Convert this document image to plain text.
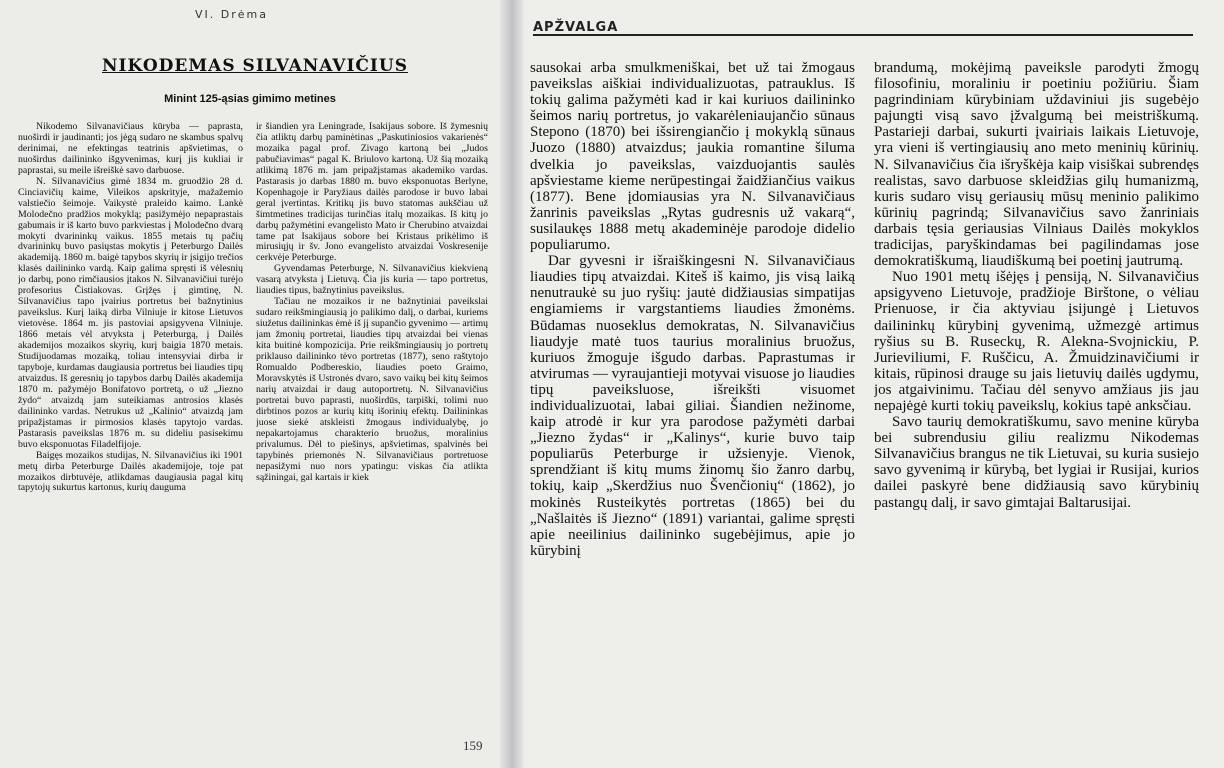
VI. Drėma
APŽVALGA
NIKODEMAS SILVANAVIČIUS
Minint 125-ąsias gimimo metines

Nikodemo Silvanavičiaus kūryba — paprasta, nuoširdi ir jaudinanti; jos jėgą sudaro ne skambus spalvų derinimai, ne efektingas teatrinis apšvietimas, o nuoširdus dailininko išgyvenimas, kurį jis kukliai ir paprastai, su meile išreiškė savo darbuose.

N. Silvanavičius gimė 1834 m. gruodžio 28 d. Cinciavičių kaime, Vileikos apskrityje, mažažemio valstiečio šeimoje. Vaikystė praleido kaimo. Lankė Molodečno pradžios mokyklą; pasižymėjo nepaprastais gabumais ir iš karto buvo parkviestas į Molodečno dvarą mokyti dvarininkų vaikus. 1855 metais tų pačių dvarininkų buvo pasiųstas mokytis į Peterburgo Dailės akademiją. 1860 m. baigė tapybos skyrių ir įsigijo trečios klasės dailininko vardą. Kaip galima spręsti iš vėlesnių jo darbų, pono rimčiausios įtakos N. Silvanavičiui turėjo profesorius Čistiakovas. Grįžęs į gimtinę, N. Silvanavičius tapo įvairius portretus bei bažnytinius paveikslus. Kurį laiką dirba Vilniuje ir kitose Lietuvos vietovėse. 1864 m. jis pastoviai apsigyvena Vilniuje. 1866 metais vėl atvyksta į Peterburgą, į Dailės akademijos mozaikos skyrių, kurį baigia 1870 metais. Studijuodamas mozaiką, toliau intensyviai dirba ir tapyboje, kurdamas daugiausia portretus bei liaudies tipų atvaizdus. Iš geresnių jo tapybos darbų Dailės akademija 1870 m. pažymėjo Bonifatovo portretą, o už „Jiezno žydo“ atvaizdą jam suteikiamas antrosios klasės dailininko vardas. Netrukus už „Kalinio“ atvaizdą jam pripažįstamas ir pirmosios klasės tapytojo vardas. Pastarasis paveikslas 1876 m. su dideliu pasisekimu buvo eksponuotas Filadelfijoje.

Baigęs mozaikos studijas, N. Silvanavičius iki 1901 metų dirba Peterburge Dailės akademijoje, toje pat mozaikos dirbtuvėje, atlikdamas daugiausia pagal kitų tapytojų sukurtus kartonus, kurių dauguma

ir šiandien yra Leningrade, Isakijaus sobore. Iš žymesnių čia atliktų darbų paminėtinas „Paskutiniosios vakarienės“ mozaika pagal prof. Zivago kartoną bei „Judos pabučiavimas“ pagal K. Briulovo kartoną. Už šią mozaiką atlikimą 1876 m. jam pripažįstamas akademiko vardas. Pastarasis jo darbas 1880 m. buvo eksponuotas Berlyne, Kopenhagoje ir Paryžiaus dailės parodose ir buvo labai geral įvertintas. Kritikų jis buvo statomas aukščiau už šimtmetines tradicijas turinčias italų mozaikas. Iš kitų jo darbų pažymėtini evangelisto Mato ir Cherubino atvaizdai tame pat Isakijaus sobore bei Kristaus prikėlimo iš mirusiųjų ir šv. Jono evangelisto atvaizdai Voskresenije cerkvėje Peterburge.

Gyvendamas Peterburge, N. Silvanavičius kiekvieną vasarą atvyksta į Lietuvą. Čia jis kuria — tapo portretus, liaudies tipus, bažnytinius paveikslus.

Tačiau ne mozaikos ir ne bažnytiniai paveikslai sudaro reikšmingiausią jo palikimo dalį, o darbai, kuriems siužetus dailininkas ėmė iš jį supančio gyvenimo — artimų jam žmonių portretai, liaudies tipų atvaizdai bei vienas kita buitinė kompozicija. Prie reikšmingiausių jo portretų priklauso dailininko tėvo portretas (1877), seno raštytojo Romualdo Podbereskio, liaudies poeto Graimo, Moravskytės iš Ustronės dvaro, savo vaikų bei kitų šeimos narių atvaizdai ir daug autoportretų. N. Silvanavičius portretai buvo paprasti, nuoširdūs, tarpiški, tolimi nuo dirbtinos pozos ar kurių kitų išorinių efektų. Dailininkas juose siekė atskleisti žmogaus individualybę, jo nepakartojamus charakterio bruožus, moralinius privalumus. Dėl to piešinys, apšvietimas, spalvinės bei tapybinės priemonės N. Silvanavičiaus portretuose nepasižymi nuo nors ypatingu: viskas čia atlikta sąžiningai, gal kartais ir kiek

sausokai arba smulkmeniškai, bet už tai žmogaus paveikslas aiškiai individualizuotas, patrauklus. Iš tokių galima pažymėti kad ir kai kuriuos dailininko šeimos narių portretus, jo vakarėleniaujančio sūnaus Stepono (1870) bei išsirengiančio į mokyklą sūnaus Juozo (1880) atvaizdus; jaukia romantine šiluma dvelkia jo paveikslas, vaizduojantis saulės apšviestame kieme nerūpestingai žaidžiančius vaikus (1877). Bene įdomiausias yra N. Silvanavičiaus žanrinis paveikslas „Rytas gudresnis už vakarą“, susilaukęs 1888 metų akademinėje parodoje didelio populiarumo.

Dar gyvesni ir išraiškingesni N. Silvanavičiaus liaudies tipų atvaizdai. Kiteš iš kaimo, jis visą laiką nenutraukė su juo ryšių: jautė didžiausias simpatijas engiamiems ir vargstantiems liaudies žmonėms. Būdamas nuoseklus demokratas, N. Silvanavičius liaudyje matė tuos taurius moralinius bruožus, kuriuos žmoguje išgudo darbas. Paprastumas ir atvirumas — vyraujantieji motyvai visuose jo liaudies tipų paveiksluose, išreikšti visuomet individualizuotai, labai giliai. Šiandien nežinome, kaip atrodė ir kur yra parodose pažymėti darbai „Jiezno žydas“ ir „Kalinys“, kurie buvo taip populiarūs Peterburge ir užsienyje. Vienok, sprendžiant iš kitų mums žinomų šio žanro darbų, tokių, kaip „Skerdžius nuo Švenčionių“ (1862), jo mokinės Rusteikytės portretas (1865) bei du „Našlaitės iš Jiezno“ (1891) variantai, galime spręsti apie neeilinius dailininko sugebėjimus, apie jo kūrybinį

brandumą, mokėjimą paveiksle parodyti žmogų filosofiniu, moraliniu ir poetiniu požiūriu. Šiam pagrindiniam kūrybiniam uždaviniui jis sugebėjo pajungti visą savo įžvalgumą bei meistriškumą. Pastarieji darbai, sukurti įvairiais laikais Lietuvoje, yra vieni iš vertingiausių ano meto meninių kūrinių. N. Silvanavičius čia išryškėja kaip visiškai subrendęs realistas, savo darbuose skleidžias gilų humanizmą, kuris sudaro visų geriausių mūsų meninio palikimo kūrinių pagrindą; Silvanavičius savo žanriniais darbais tęsia geriausias Vilniaus Dailės mokyklos tradicijas, paryškindamas bei pagilindamas jose demokratiškumą, liaudiškumą bei poetinį jautrumą.

Nuo 1901 metų išėjęs į pensiją, N. Silvanavičius apsigyveno Lietuvoje, pradžioje Birštone, o vėliau Prienuose, ir čia aktyviau įsijungė į Lietuvos dailininkų kūrybinį gyvenimą, užmezgė artimus ryšius su B. Ruseckų, R. Alekna-Svojnickiu, P. Jurieviliumi, F. Ruščicu, A. Žmuidzinavičiumi ir kitais, rūpinosi drauge su jais lietuvių dailės ugdymu, jos atgaivinimu. Tačiau dėl senyvo amžiaus jis jau nepajėgė kurti tokių paveikslų, kokius tapė anksčiau.

Savo taurių demokratiškumu, savo menine kūryba bei subrendusiu giliu realizmu Nikodemas Silvanavičius brangus ne tik Lietuvai, su kuria susiejo savo gyvenimą ir kūrybą, bet lygiai ir Rusijai, kurios dailei paskyrė bene didžiausią savo kūrybinių pastangų dalį, ir savo gimtajai Baltarusijai.

159
